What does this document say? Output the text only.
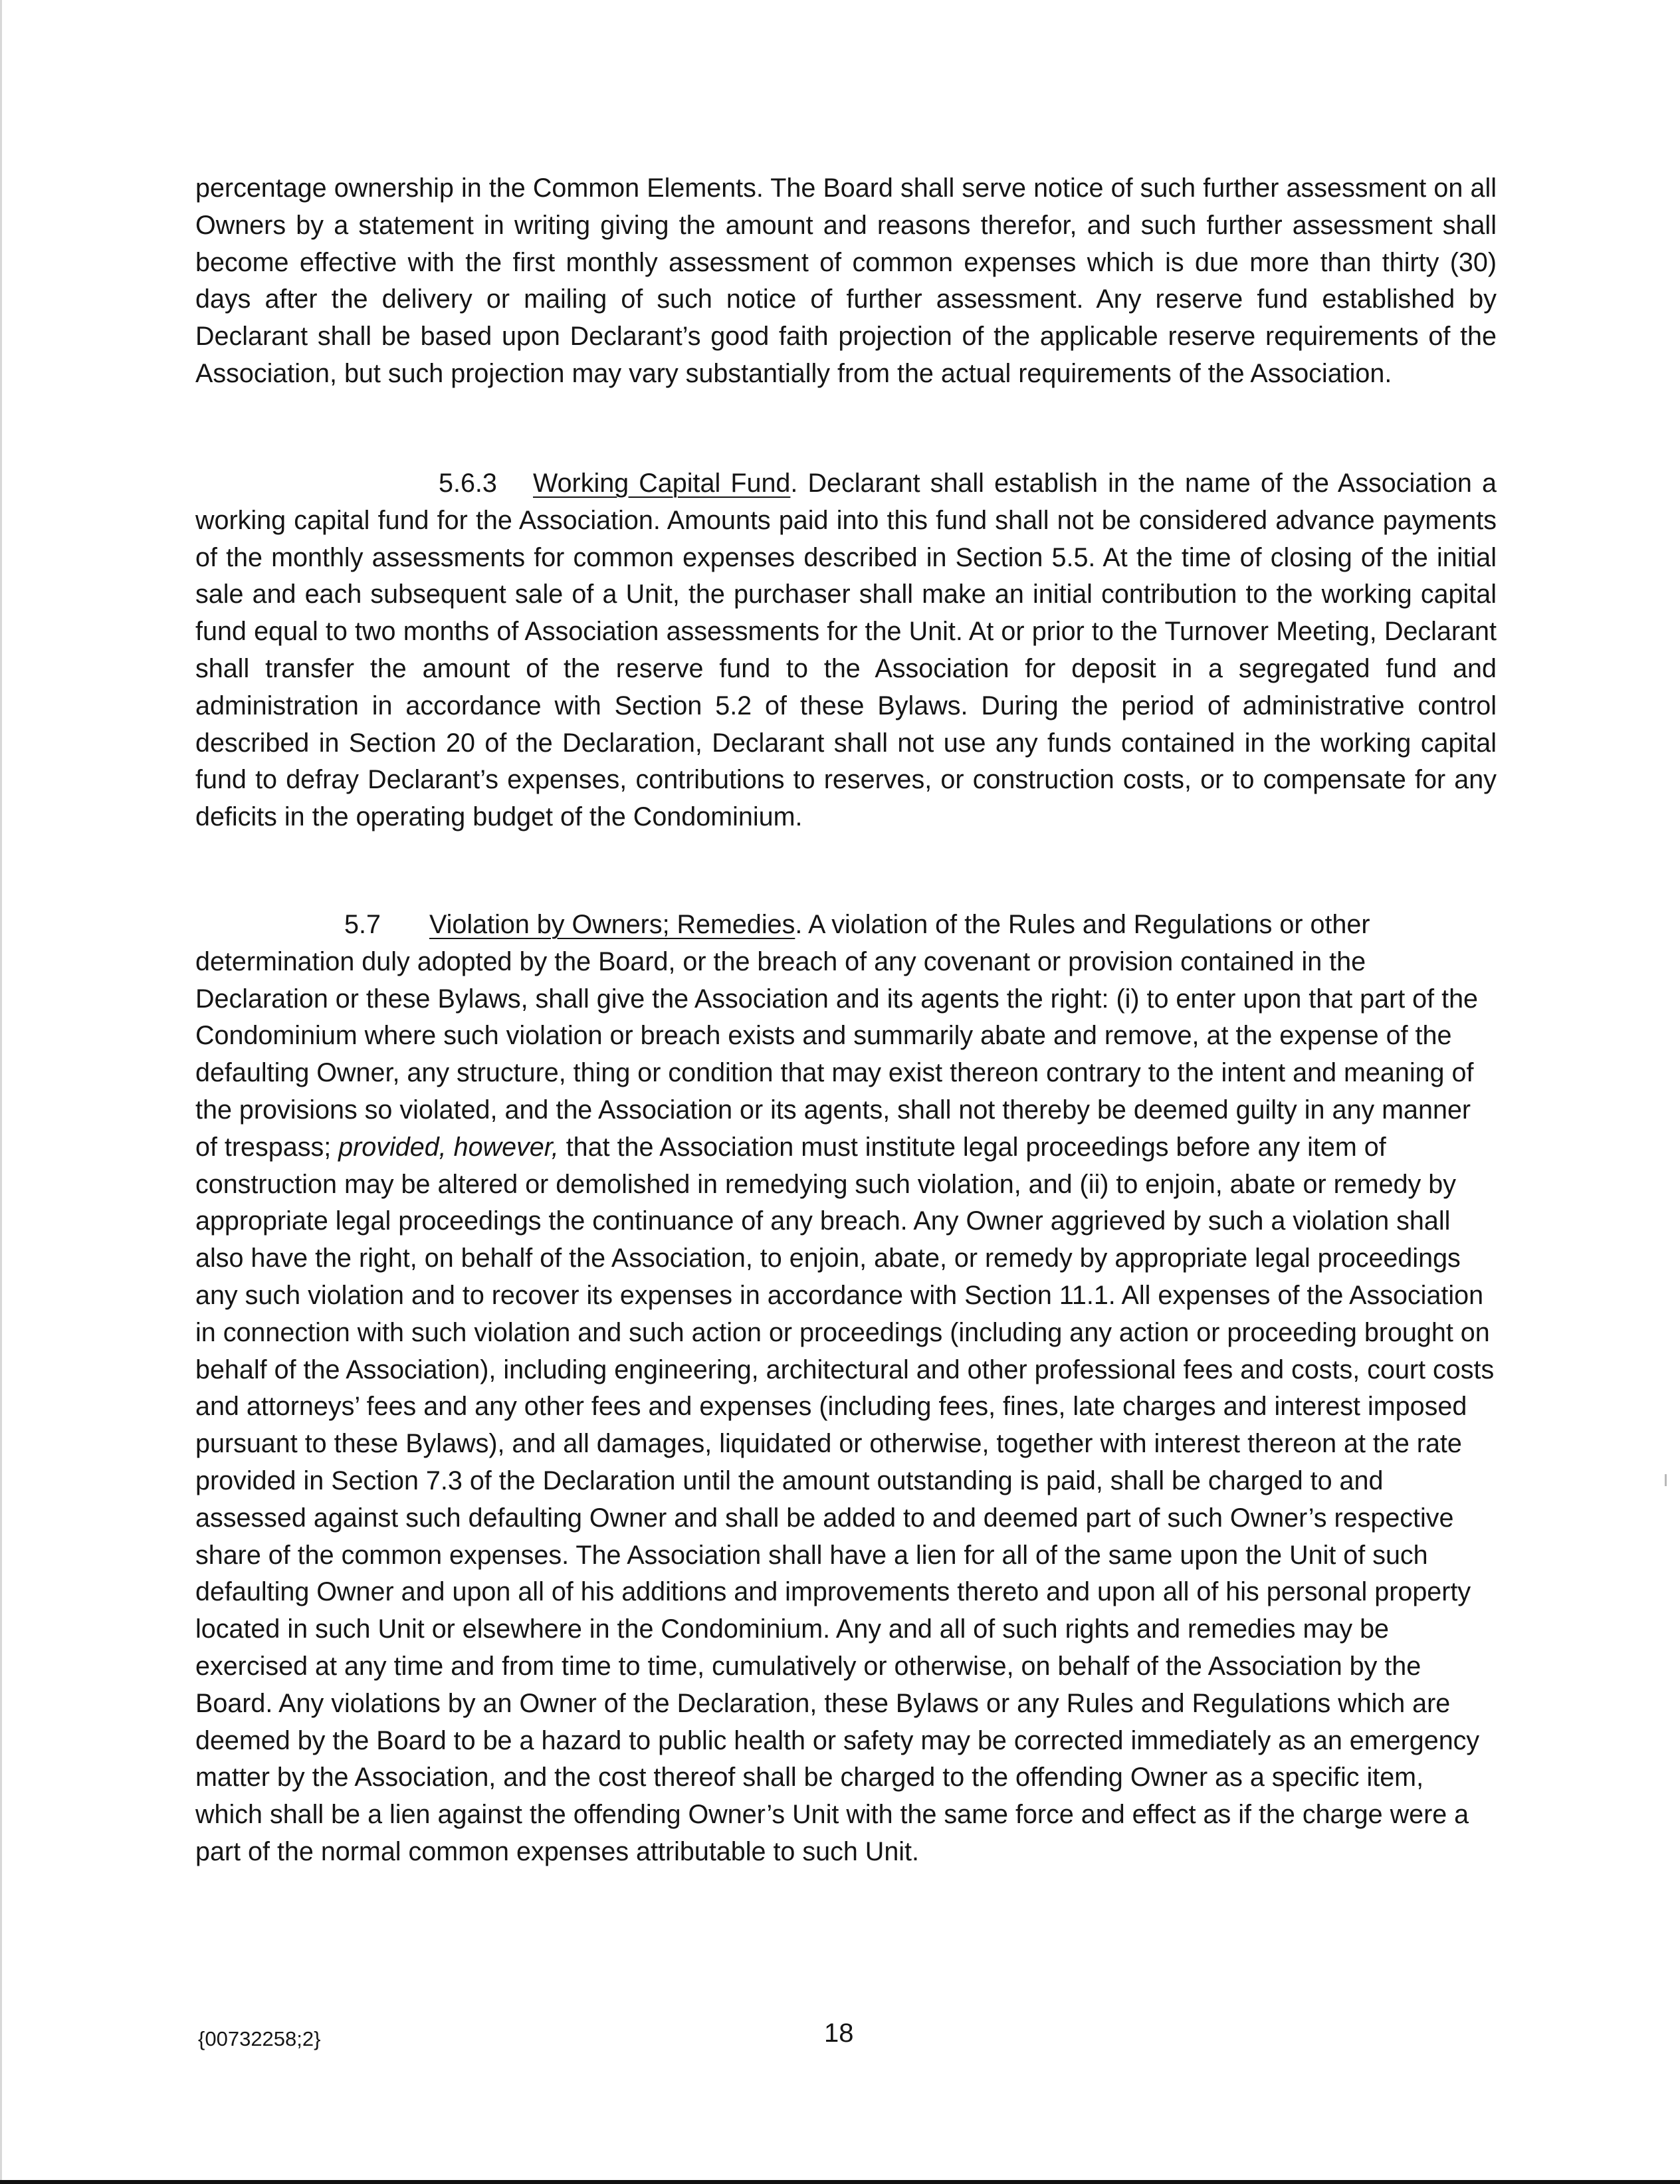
percentage ownership in the Common Elements. The Board shall serve notice of such further assessment on all Owners by a statement in writing giving the amount and reasons therefor, and such further assessment shall become effective with the first monthly assessment of common expenses which is due more than thirty (30) days after the delivery or mailing of such notice of further assessment. Any reserve fund established by Declarant shall be based upon Declarant’s good faith projection of the applicable reserve requirements of the Association, but such projection may vary substantially from the actual requirements of the Association.

5.6.3 Working Capital Fund. Declarant shall establish in the name of the Association a working capital fund for the Association. Amounts paid into this fund shall not be considered advance payments of the monthly assessments for common expenses described in Section 5.5. At the time of closing of the initial sale and each subsequent sale of a Unit, the purchaser shall make an initial contribution to the working capital fund equal to two months of Association assessments for the Unit. At or prior to the Turnover Meeting, Declarant shall transfer the amount of the reserve fund to the Association for deposit in a segregated fund and administration in accordance with Section 5.2 of these Bylaws. During the period of administrative control described in Section 20 of the Declaration, Declarant shall not use any funds contained in the working capital fund to defray Declarant’s expenses, contributions to reserves, or construction costs, or to compensate for any deficits in the operating budget of the Condominium.

5.7 Violation by Owners; Remedies. A violation of the Rules and Regulations or other determination duly adopted by the Board, or the breach of any covenant or provision contained in the Declaration or these Bylaws, shall give the Association and its agents the right: (i) to enter upon that part of the Condominium where such violation or breach exists and summarily abate and remove, at the expense of the defaulting Owner, any structure, thing or condition that may exist thereon contrary to the intent and meaning of the provisions so violated, and the Association or its agents, shall not thereby be deemed guilty in any manner of trespass; provided, however, that the Association must institute legal proceedings before any item of construction may be altered or demolished in remedying such violation, and (ii) to enjoin, abate or remedy by appropriate legal proceedings the continuance of any breach. Any Owner aggrieved by such a violation shall also have the right, on behalf of the Association, to enjoin, abate, or remedy by appropriate legal proceedings any such violation and to recover its expenses in accordance with Section 11.1. All expenses of the Association in connection with such violation and such action or proceedings (including any action or proceeding brought on behalf of the Association), including engineering, architectural and other professional fees and costs, court costs and attorneys’ fees and any other fees and expenses (including fees, fines, late charges and interest imposed pursuant to these Bylaws), and all damages, liquidated or otherwise, together with interest thereon at the rate provided in Section 7.3 of the Declaration until the amount outstanding is paid, shall be charged to and assessed against such defaulting Owner and shall be added to and deemed part of such Owner’s respective share of the common expenses. The Association shall have a lien for all of the same upon the Unit of such defaulting Owner and upon all of his additions and improvements thereto and upon all of his personal property located in such Unit or elsewhere in the Condominium. Any and all of such rights and remedies may be exercised at any time and from time to time, cumulatively or otherwise, on behalf of the Association by the Board. Any violations by an Owner of the Declaration, these Bylaws or any Rules and Regulations which are deemed by the Board to be a hazard to public health or safety may be corrected immediately as an emergency matter by the Association, and the cost thereof shall be charged to the offending Owner as a specific item, which shall be a lien against the offending Owner’s Unit with the same force and effect as if the charge were a part of the normal common expenses attributable to such Unit.

{00732258;2}	18
